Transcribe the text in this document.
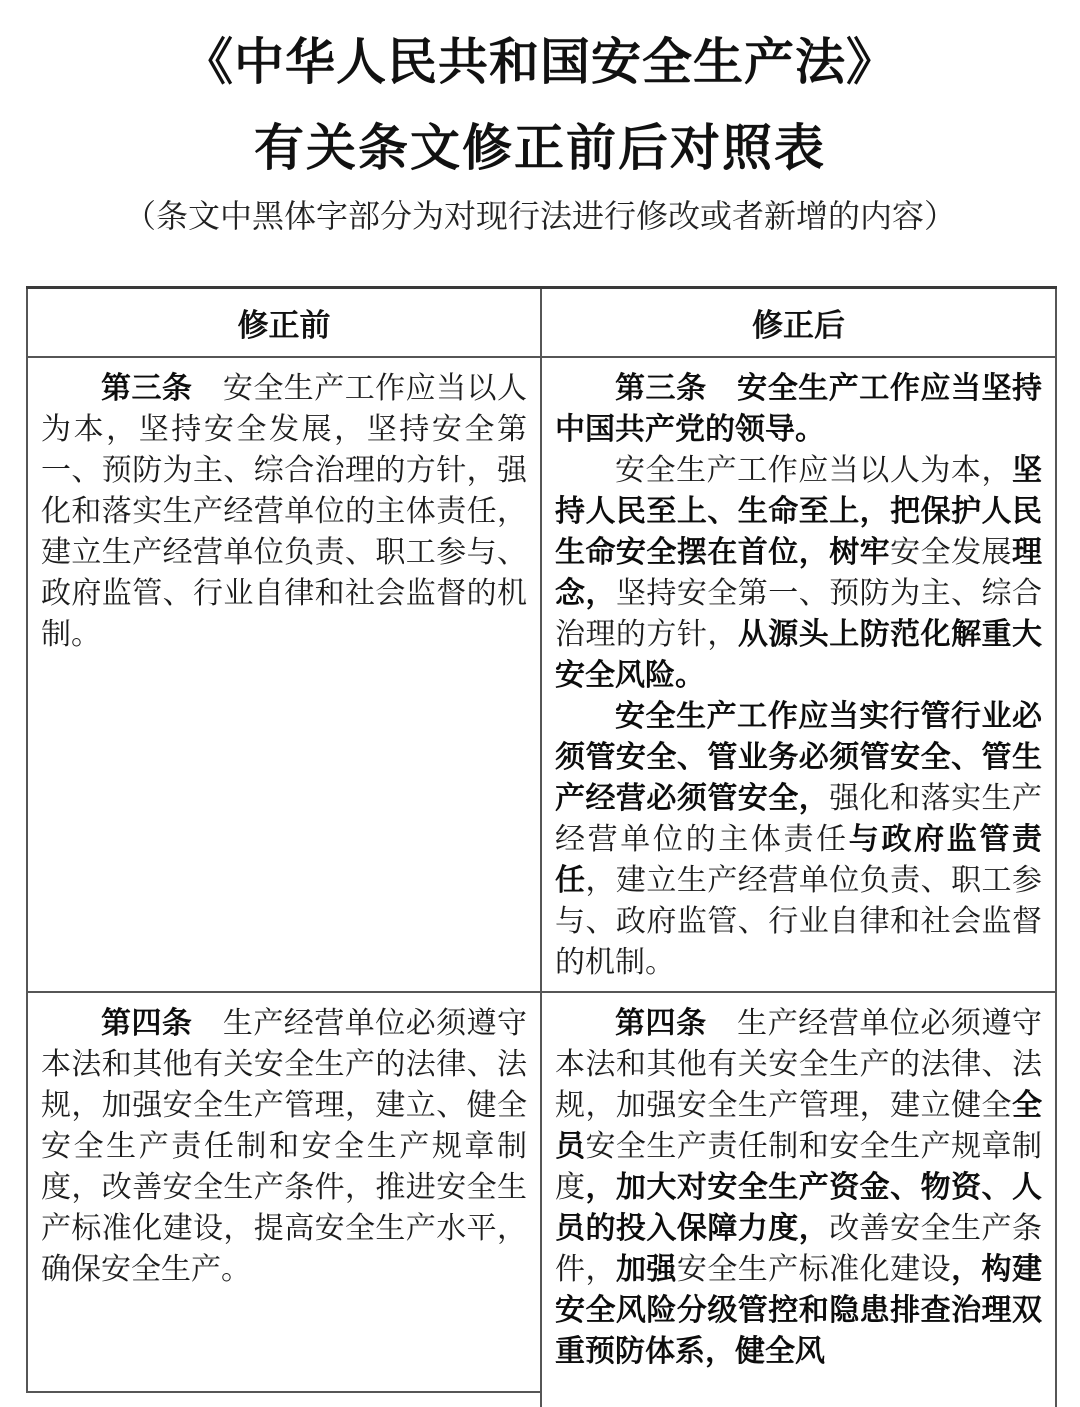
《中华人民共和国安全生产法》
有关条文修正前后对照表
（条文中黑体字部分为对现行法进行修改或者新增的内容）
修正前	修正后

第三条　安全生产工作应当以人为本，坚持安全发展，坚持安全第一、预防为主、综合治理的方针，强化和落实生产经营单位的主体责任，建立生产经营单位负责、职工参与、政府监管、行业自律和社会监督的机制。

第三条　安全生产工作应当坚持中国共产党的领导。

安全生产工作应当以人为本，坚持人民至上、生命至上，把保护人民生命安全摆在首位，树牢安全发展理念，坚持安全第一、预防为主、综合治理的方针，从源头上防范化解重大安全风险。

安全生产工作应当实行管行业必须管安全、管业务必须管安全、管生产经营必须管安全，强化和落实生产经营单位的主体责任与政府监管责任，建立生产经营单位负责、职工参与、政府监管、行业自律和社会监督的机制。

第四条　生产经营单位必须遵守本法和其他有关安全生产的法律、法规，加强安全生产管理，建立、健全安全生产责任制和安全生产规章制度，改善安全生产条件，推进安全生产标准化建设，提高安全生产水平，确保安全生产。

第四条　生产经营单位必须遵守本法和其他有关安全生产的法律、法规，加强安全生产管理，建立健全全员安全生产责任制和安全生产规章制度，加大对安全生产资金、物资、人员的投入保障力度，改善安全生产条件，加强安全生产标准化建设，构建安全风险分级管控和隐患排查治理双重预防体系，健全风
